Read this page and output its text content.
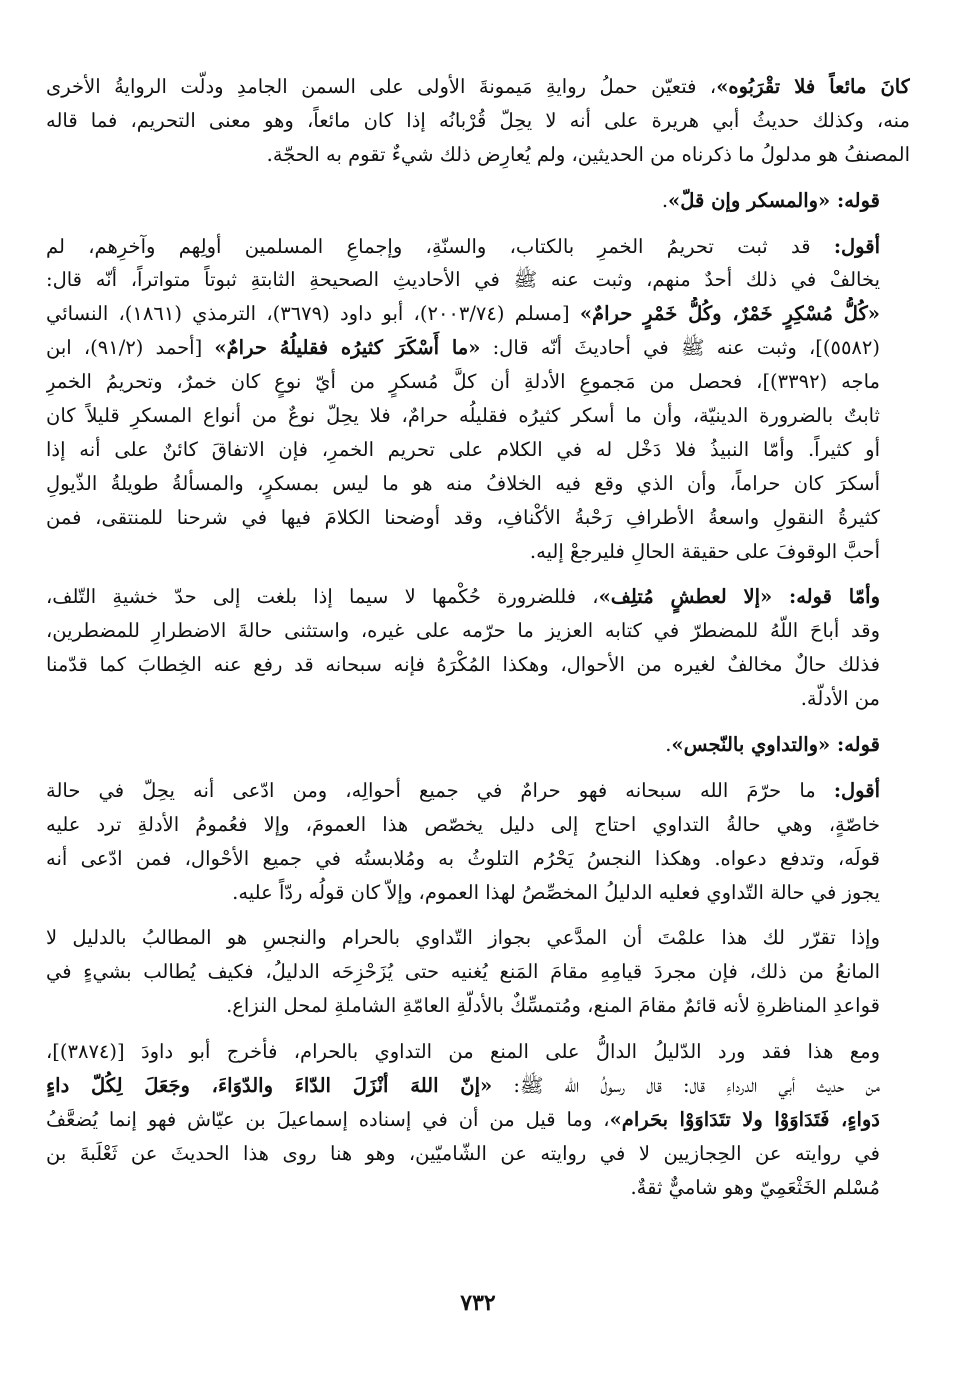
كانَ مائعاً فلا تقْرَبُوه»، فتعيّن حملُ روايةِ مَيمونةَ الأولى على السمن الجامدِ ودلّت الروايةُ الأخرى
منه، وكذلك حديثُ أبي هريرة على أنه لا يحِلّ قُرْبانُه إذا كان مائعاً، وهو معنى التحريم، فما قاله
المصنفُ هو مدلولُ ما ذكرناه من الحديثين، ولم يُعارِض ذلك شيءٌ تقوم به الحجّة.
قوله: «والمسكر وإن قلّ».
أقول: قد ثبت تحريمُ الخمرِ بالكتاب، والسنّةِ، وإجماعِ المسلمين أولِهم وآخرِهم، لم
يخالفْ في ذلك أحدٌ منهم، وثبت عنه ﷺ في الأحاديثِ الصحيحةِ الثابتةِ ثبوتاً متواتراً، أنّه قال:
«كُلُّ مُسْكِرٍ خَمْرٌ، وكُلُّ خَمْرٍ حرامٌ» [مسلم (٢٠٠٣/٧٤)، أبو داود (٣٦٧٩)، الترمذي (١٨٦١)، النسائي
(٥٥٨٢)]، وثبت عنه ﷺ في أحاديثَ أنّه قال: «ما أَسْكَرَ كثيرُه فقليلُهُ حرامٌ» [أحمد (٩١/٢)، ابن
ماجه (٣٣٩٢)]، فحصل من مَجموعِ الأدلةِ أن كلَّ مُسكرٍ من أيّ نوعٍ كان خمرٌ، وتحريمُ الخمرِ
ثابتٌ بالضرورة الدينيّة، وأن ما أسكر كثيرُه فقليلُه حرامٌ، فلا يحِلّ نوعٌ من أنواع المسكرِ قليلاً كان
أو كثيراً. وأمّا النبيذُ فلا دَخْل له في الكلام على تحريم الخمرِ، فإن الاتفاقَ كائنٌ على أنه إذا
أسكرَ كان حراماً، وأن الذي وقع فيه الخلافُ منه هو ما ليس بمسكرٍ، والمسألةُ طويلةُ الذّيولِ
كثيرةُ النقولِ واسعةُ الأطرافِ رَحْبةُ الأكْنافِ، وقد أوضحنا الكلامَ فيها في شرحنا للمنتقى، فمن
أحبَّ الوقوفَ على حقيقة الحالِ فليرجعْ إليه.
وأمّا قوله: «إلا لعطشٍ مُتلِف»، فللضرورة حُكْمها لا سيما إذا بلغت إلى حدّ خشيةِ التّلف،
وقد أباحَ اللّهُ للمضطرّ في كتابه العزيز ما حرّمه على غيره، واستثنى حالةَ الاضطرارِ للمضطرين،
فذلك حالٌ مخالفٌ لغيره من الأحوال، وهكذا المُكْرَهُ فإنه سبحانه قد رفع عنه الخِطابَ كما قدّمنا
من الأدلّة.
قوله: «والتداوي بالنّجس».
أقول: ما حرّمَ الله سبحانه فهو حرامٌ في جميع أحوالِه، ومن ادّعى أنه يحِلّ في حالة
خاصّةٍ، وهي حالةُ التداوي احتاج إلى دليل يخصّص هذا العمومَ، وإلا فعُمومُ الأدلةِ ترد عليه
قولَه، وتدفع دعواه. وهكذا النجسُ يَحْرُم التلوثُ به ومُلابستُه في جميع الأحْوال، فمن ادّعى أنه
يجوز في حالة التّداوي فعليه الدليلُ المخصِّصُ لهذا العموم، وإلاّ كان قولُه ردّاً عليه.
وإذا تقرّر لك هذا علمْتَ أن المدَّعي بجواز التّداوي بالحرام والنجسِ هو المطالبُ بالدليل لا
المانعُ من ذلك، فإن مجردَ قيامِهِ مقامَ المَنع يُغنيه حتى يُزَحْزِحَه الدليلُ، فكيف يُطالب بشيءٍ في
قواعدِ المناظرةِ لأنه قائمٌ مقامَ المنع، ومُتمسِّكٌ بالأدلّةِ العامّةِ الشاملةِ لمحل النزاع.
ومع هذا فقد ورد الدّليلُ الدالُّ على المنع من التداوي بالحرام، فأخرج أبو داودَ [(٣٨٧٤)]،
من حديث أبي الدرداءِ قال: قال رسولُ الله ﷺ: «إنّ اللهَ أنْزَلَ الدّاءَ والدّوَاءَ، وجَعَلَ لِكُلّ داءٍ
دَواءٍ، فَتَدَاوَوْا ولا تتَدَاوَوْا بحَرام»، وما قيل من أن في إسناده إسماعيلَ بن عيّاش فهو إنما يُضعَّفُ
في روايته عن الحِجازيين لا في روايته عن الشّاميّين، وهو هنا روى هذا الحديثَ عن ثَعْلَبةَ بن
مُسْلم الخَثْعَمِيّ وهو شاميٌّ ثقةٌ.
٧٣٢
